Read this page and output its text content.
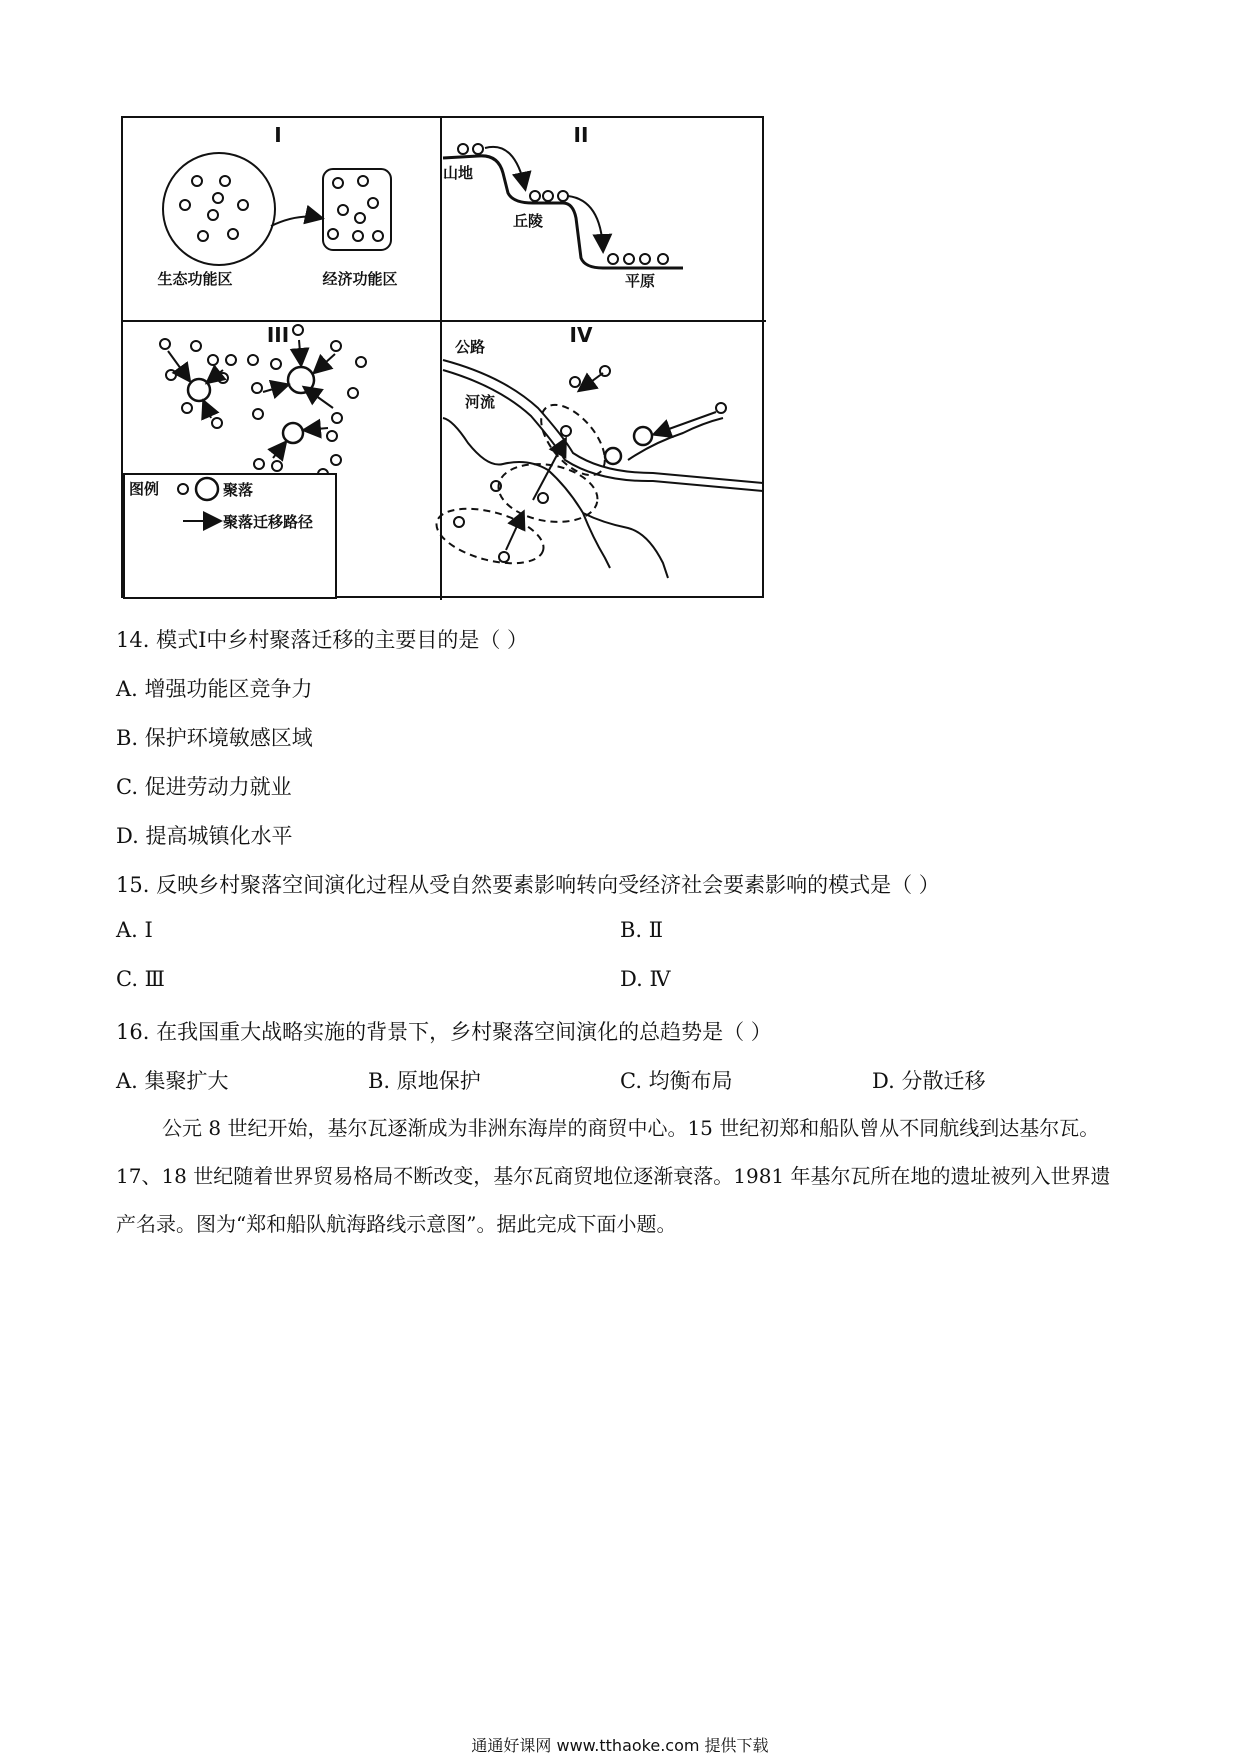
I
生态功能区	经济功能区
II
山地
丘陵
平原
III
图例	聚落
聚落迁移路径
IV
公路
河流
14. 模式Ⅰ中乡村聚落迁移的主要目的是（ ）
A. 增强功能区竞争力
B. 保护环境敏感区域
C. 促进劳动力就业
D. 提高城镇化水平
15. 反映乡村聚落空间演化过程从受自然要素影响转向受经济社会要素影响的模式是（ ）
A. Ⅰ	B. Ⅱ
C. Ⅲ	D. Ⅳ
16. 在我国重大战略实施的背景下，乡村聚落空间演化的总趋势是（ ）
A. 集聚扩大	B. 原地保护	C. 均衡布局	D. 分散迁移
公元 8 世纪开始，基尔瓦逐渐成为非洲东海岸的商贸中心。15 世纪初郑和船队曾从不同航线到达基尔瓦。17、18 世纪随着世界贸易格局不断改变，基尔瓦商贸地位逐渐衰落。1981 年基尔瓦所在地的遗址被列入世界遗产名录。图为“郑和船队航海路线示意图”。据此完成下面小题。
通通好课网 www.tthaoke.com 提供下载
